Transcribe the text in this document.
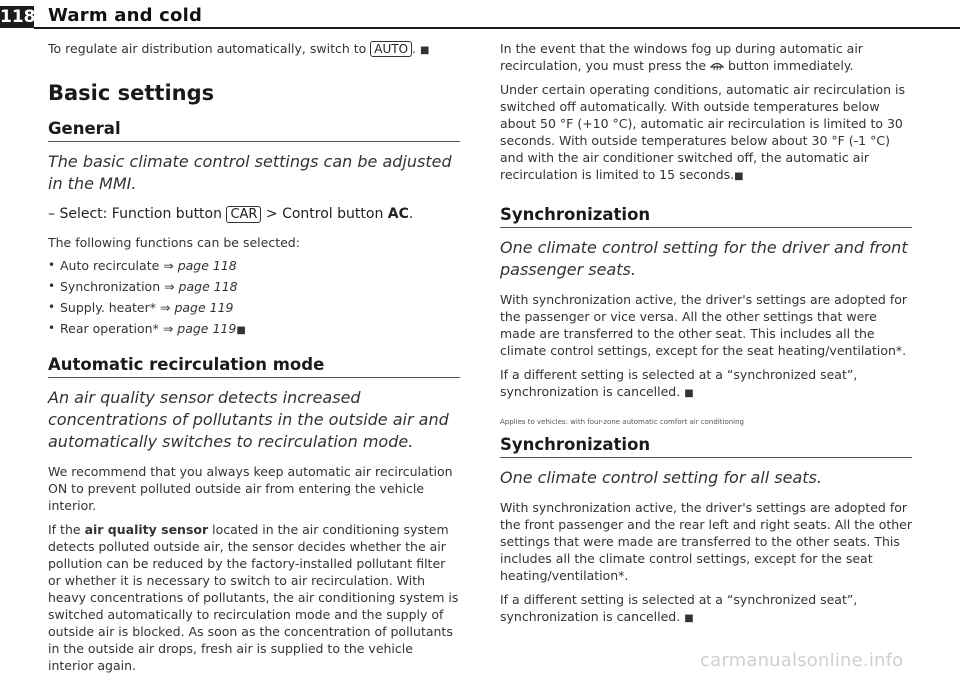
118 Warm and cold

To regulate air distribution automatically, switch to AUTO . ■

Basic settings
General

The basic climate control settings can be adjusted in the MMI.

– Select: Function button CAR > Control button AC.

The following functions can be selected:

• Auto recirculate ⇒ page 118
• Synchronization ⇒ page 118
• Supply. heater* ⇒ page 119
• Rear operation* ⇒ page 119■
Automatic recirculation mode

An air quality sensor detects increased concentrations of pollutants in the outside air and automatically switches to recirculation mode.

We recommend that you always keep automatic air recirculation ON to prevent polluted outside air from entering the vehicle interior.

If the air quality sensor located in the air conditioning system detects polluted outside air, the sensor decides whether the air pollution can be reduced by the factory-installed pollutant filter or whether it is necessary to switch to air recirculation. With heavy concentrations of pollutants, the air conditioning system is switched automatically to recirculation mode and the supply of outside air is blocked. As soon as the concentration of pollutants in the outside air drops, fresh air is supplied to the vehicle interior again.

In the event that the windows fog up during automatic air recirculation, you must press the  button immediately.

Under certain operating conditions, automatic air recirculation is switched off automatically. With outside temperatures below about 50 °F (+10 °C), automatic air recirculation is limited to 30 seconds. With outside temperatures below about 30 °F (-1 °C) and with the air conditioner switched off, the automatic air recirculation is limited to 15 seconds.■

Synchronization

One climate control setting for the driver and front passenger seats.

With synchronization active, the driver's settings are adopted for the passenger or vice versa. All the other settings that were made are transferred to the other seat. This includes all the climate control settings, except for the seat heating/ventilation*.

If a different setting is selected at a “synchronized seat”, synchronization is cancelled. ■

Applies to vehicles: with four-zone automatic comfort air conditioning

Synchronization

One climate control setting for all seats.

With synchronization active, the driver's settings are adopted for the front passenger and the rear left and right seats. All the other settings that were made are transferred to the other seats. This includes all the climate control settings, except for the seat heating/ventilation*.

If a different setting is selected at a “synchronized seat”, synchronization is cancelled. ■

carmanualsonline.info
